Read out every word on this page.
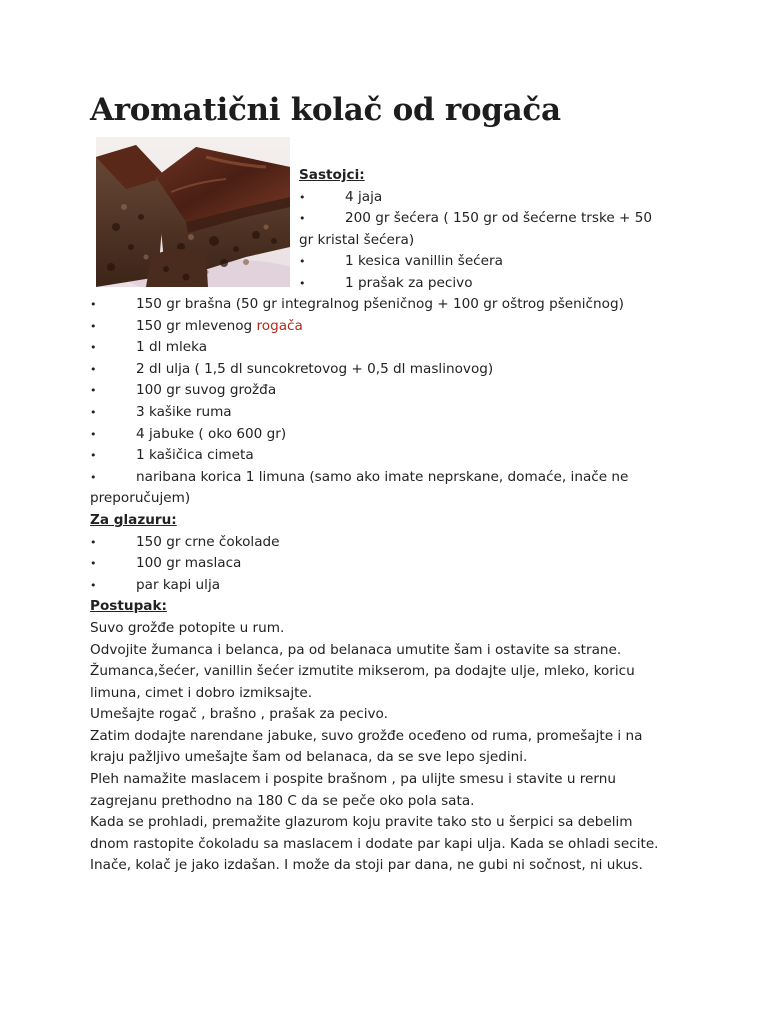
Aromatični kolač od rogača
Sastojci:
•	4 jaja
•	200 gr šećera ( 150 gr od šećerne trske + 50 gr kristal šećera)
•	1 kesica vanillin šećera
•	1 prašak za pecivo
•	150 gr brašna (50 gr integralnog pšeničnog + 100 gr oštrog pšeničnog)
•	150 gr mlevenog rogača
•	1 dl mleka
•	2 dl ulja ( 1,5 dl suncokretovog + 0,5 dl maslinovog)
•	100 gr suvog grožđa
•	3 kašike ruma
•	4 jabuke ( oko 600 gr)
•	1 kašičica cimeta
•	naribana korica 1 limuna (samo ako imate neprskane, domaće, inače ne preporučujem)
Za glazuru:
•	150 gr crne čokolade
•	100 gr maslaca
•	par kapi ulja
Postupak:

Suvo grožđe potopite u rum.

Odvojite žumanca i belanca, pa od belanaca umutite šam i ostavite sa strane.

Žumanca,šećer, vanillin šećer izmutite mikserom, pa dodajte ulje, mleko, koricu limuna, cimet i dobro izmiksajte.

Umešajte rogač , brašno , prašak za pecivo.

Zatim dodajte narendane jabuke, suvo grožđe oceđeno od ruma, promešajte i na kraju pažljivo umešajte šam od belanaca, da se sve lepo sjedini.

Pleh namažite maslacem i pospite brašnom , pa ulijte smesu i stavite u rernu zagrejanu prethodno na 180 C da se peče oko pola sata.

Kada se prohladi, premažite glazurom koju pravite tako sto u šerpici sa debelim dnom rastopite čokoladu sa maslacem i dodate par kapi ulja. Kada se ohladi secite.

Inače, kolač je jako izdašan. I može da stoji par dana, ne gubi ni sočnost, ni ukus.
